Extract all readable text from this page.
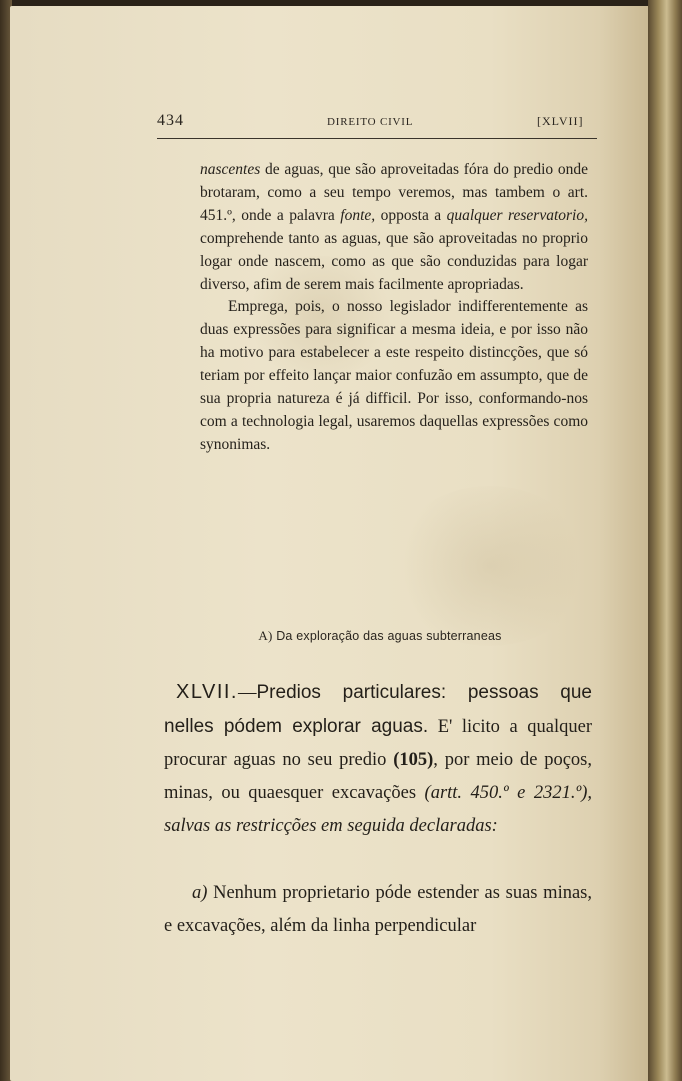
434	DIREITO CIVIL	[XLVII]

nascentes de aguas, que são aproveitadas fóra do predio onde brotaram, como a seu tempo veremos, mas tambem o art. 451.º, onde a palavra fonte, opposta a qualquer reservatorio, comprehende tanto as aguas, que são aproveitadas no proprio logar onde nascem, como as que são conduzidas para logar diverso, afim de serem mais facilmente apropriadas.

Emprega, pois, o nosso legislador indifferentemente as duas expressões para significar a mesma ideia, e por isso não ha motivo para estabelecer a este respeito distincções, que só teriam por effeito lançar maior confuzão em assumpto, que de sua propria natureza é já difficil. Por isso, conformando-nos com a technologia legal, usaremos daquellas expressões como synonimas.

A) Da exploração das aguas subterraneas
XLVII.—Predios particulares: pessoas que nelles pódem explorar aguas. E' licito a qualquer procurar aguas no seu predio (105), por meio de poços, minas, ou quaesquer excavações (artt. 450.º e 2321.º), salvas as restricções em seguida declaradas:
a) Nenhum proprietario póde estender as suas minas, e excavações, além da linha perpendicular
